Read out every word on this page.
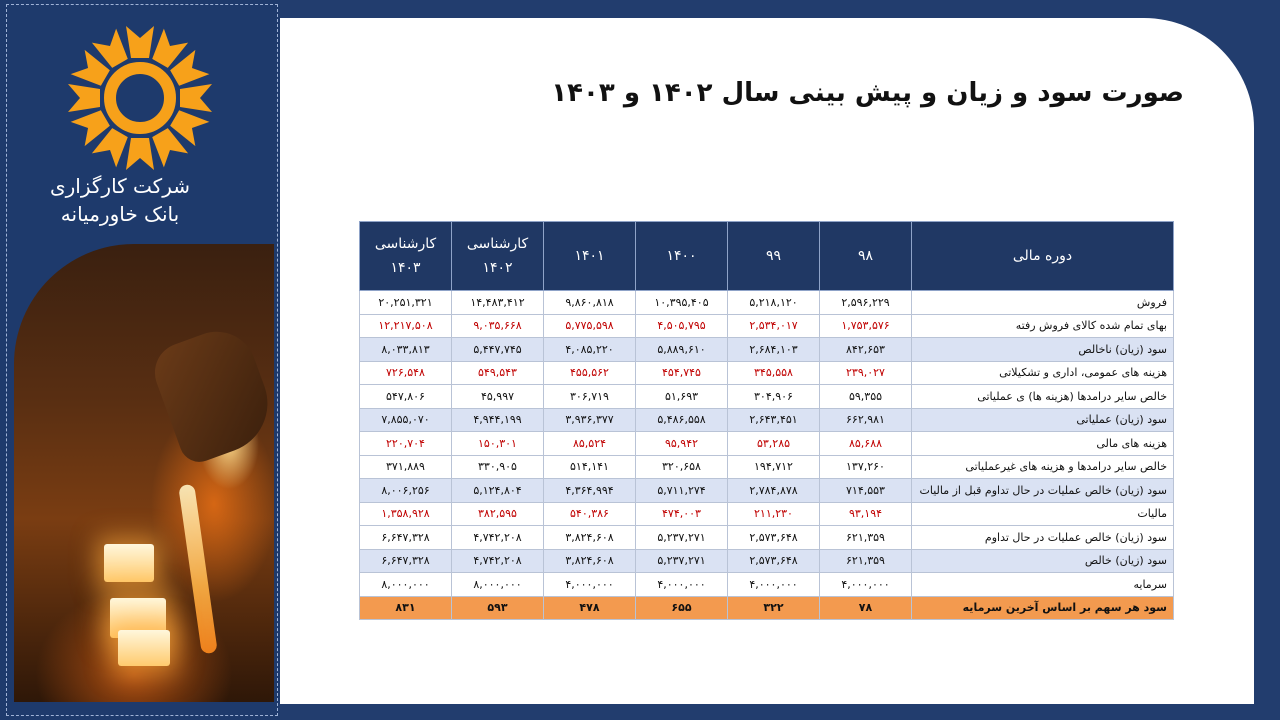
شرکت کارگزاری
بانک خاورمیانه
صورت سود و زیان و پیش بینی سال ۱۴۰۲ و ۱۴۰۳
دوره مالی	۹۸	۹۹	۱۴۰۰	۱۴۰۱	کارشناسی ۱۴۰۲	کارشناسی ۱۴۰۳
فروش	۲,۵۹۶,۲۲۹	۵,۲۱۸,۱۲۰	۱۰,۳۹۵,۴۰۵	۹,۸۶۰,۸۱۸	۱۴,۴۸۳,۴۱۲	۲۰,۲۵۱,۳۲۱
بهای تمام شده کالای فروش رفته	۱,۷۵۳,۵۷۶	۲,۵۳۴,۰۱۷	۴,۵۰۵,۷۹۵	۵,۷۷۵,۵۹۸	۹,۰۳۵,۶۶۸	۱۲,۲۱۷,۵۰۸
سود (زیان) ناخالص	۸۴۲,۶۵۳	۲,۶۸۴,۱۰۳	۵,۸۸۹,۶۱۰	۴,۰۸۵,۲۲۰	۵,۴۴۷,۷۴۵	۸,۰۳۳,۸۱۳
هزینه های عمومی، اداری و تشکیلاتی	۲۳۹,۰۲۷	۳۴۵,۵۵۸	۴۵۴,۷۴۵	۴۵۵,۵۶۲	۵۴۹,۵۴۳	۷۲۶,۵۴۸
خالص سایر درامدها (هزینه ها) ی عملیاتی	۵۹,۳۵۵	۳۰۴,۹۰۶	۵۱,۶۹۳	۳۰۶,۷۱۹	۴۵,۹۹۷	۵۴۷,۸۰۶
سود (زیان) عملیاتی	۶۶۲,۹۸۱	۲,۶۴۳,۴۵۱	۵,۴۸۶,۵۵۸	۳,۹۳۶,۳۷۷	۴,۹۴۴,۱۹۹	۷,۸۵۵,۰۷۰
هزینه های مالی	۸۵,۶۸۸	۵۳,۲۸۵	۹۵,۹۴۲	۸۵,۵۲۴	۱۵۰,۳۰۱	۲۲۰,۷۰۴
خالص سایر درامدها و هزینه های غیرعملیاتی	۱۳۷,۲۶۰	۱۹۴,۷۱۲	۳۲۰,۶۵۸	۵۱۴,۱۴۱	۳۳۰,۹۰۵	۳۷۱,۸۸۹
سود (زیان) خالص عملیات در حال تداوم قبل از مالیات	۷۱۴,۵۵۳	۲,۷۸۴,۸۷۸	۵,۷۱۱,۲۷۴	۴,۳۶۴,۹۹۴	۵,۱۲۴,۸۰۴	۸,۰۰۶,۲۵۶
مالیات	۹۳,۱۹۴	۲۱۱,۲۳۰	۴۷۴,۰۰۳	۵۴۰,۳۸۶	۳۸۲,۵۹۵	۱,۳۵۸,۹۲۸
سود (زیان) خالص عملیات در حال تداوم	۶۲۱,۳۵۹	۲,۵۷۳,۶۴۸	۵,۲۳۷,۲۷۱	۳,۸۲۴,۶۰۸	۴,۷۴۲,۲۰۸	۶,۶۴۷,۳۲۸
سود (زیان) خالص	۶۲۱,۳۵۹	۲,۵۷۳,۶۴۸	۵,۲۳۷,۲۷۱	۳,۸۲۴,۶۰۸	۴,۷۴۲,۲۰۸	۶,۶۴۷,۳۲۸
سرمایه	۴,۰۰۰,۰۰۰	۴,۰۰۰,۰۰۰	۴,۰۰۰,۰۰۰	۴,۰۰۰,۰۰۰	۸,۰۰۰,۰۰۰	۸,۰۰۰,۰۰۰
سود هر سهم بر اساس آخرین سرمایه	۷۸	۳۲۲	۶۵۵	۴۷۸	۵۹۳	۸۳۱
